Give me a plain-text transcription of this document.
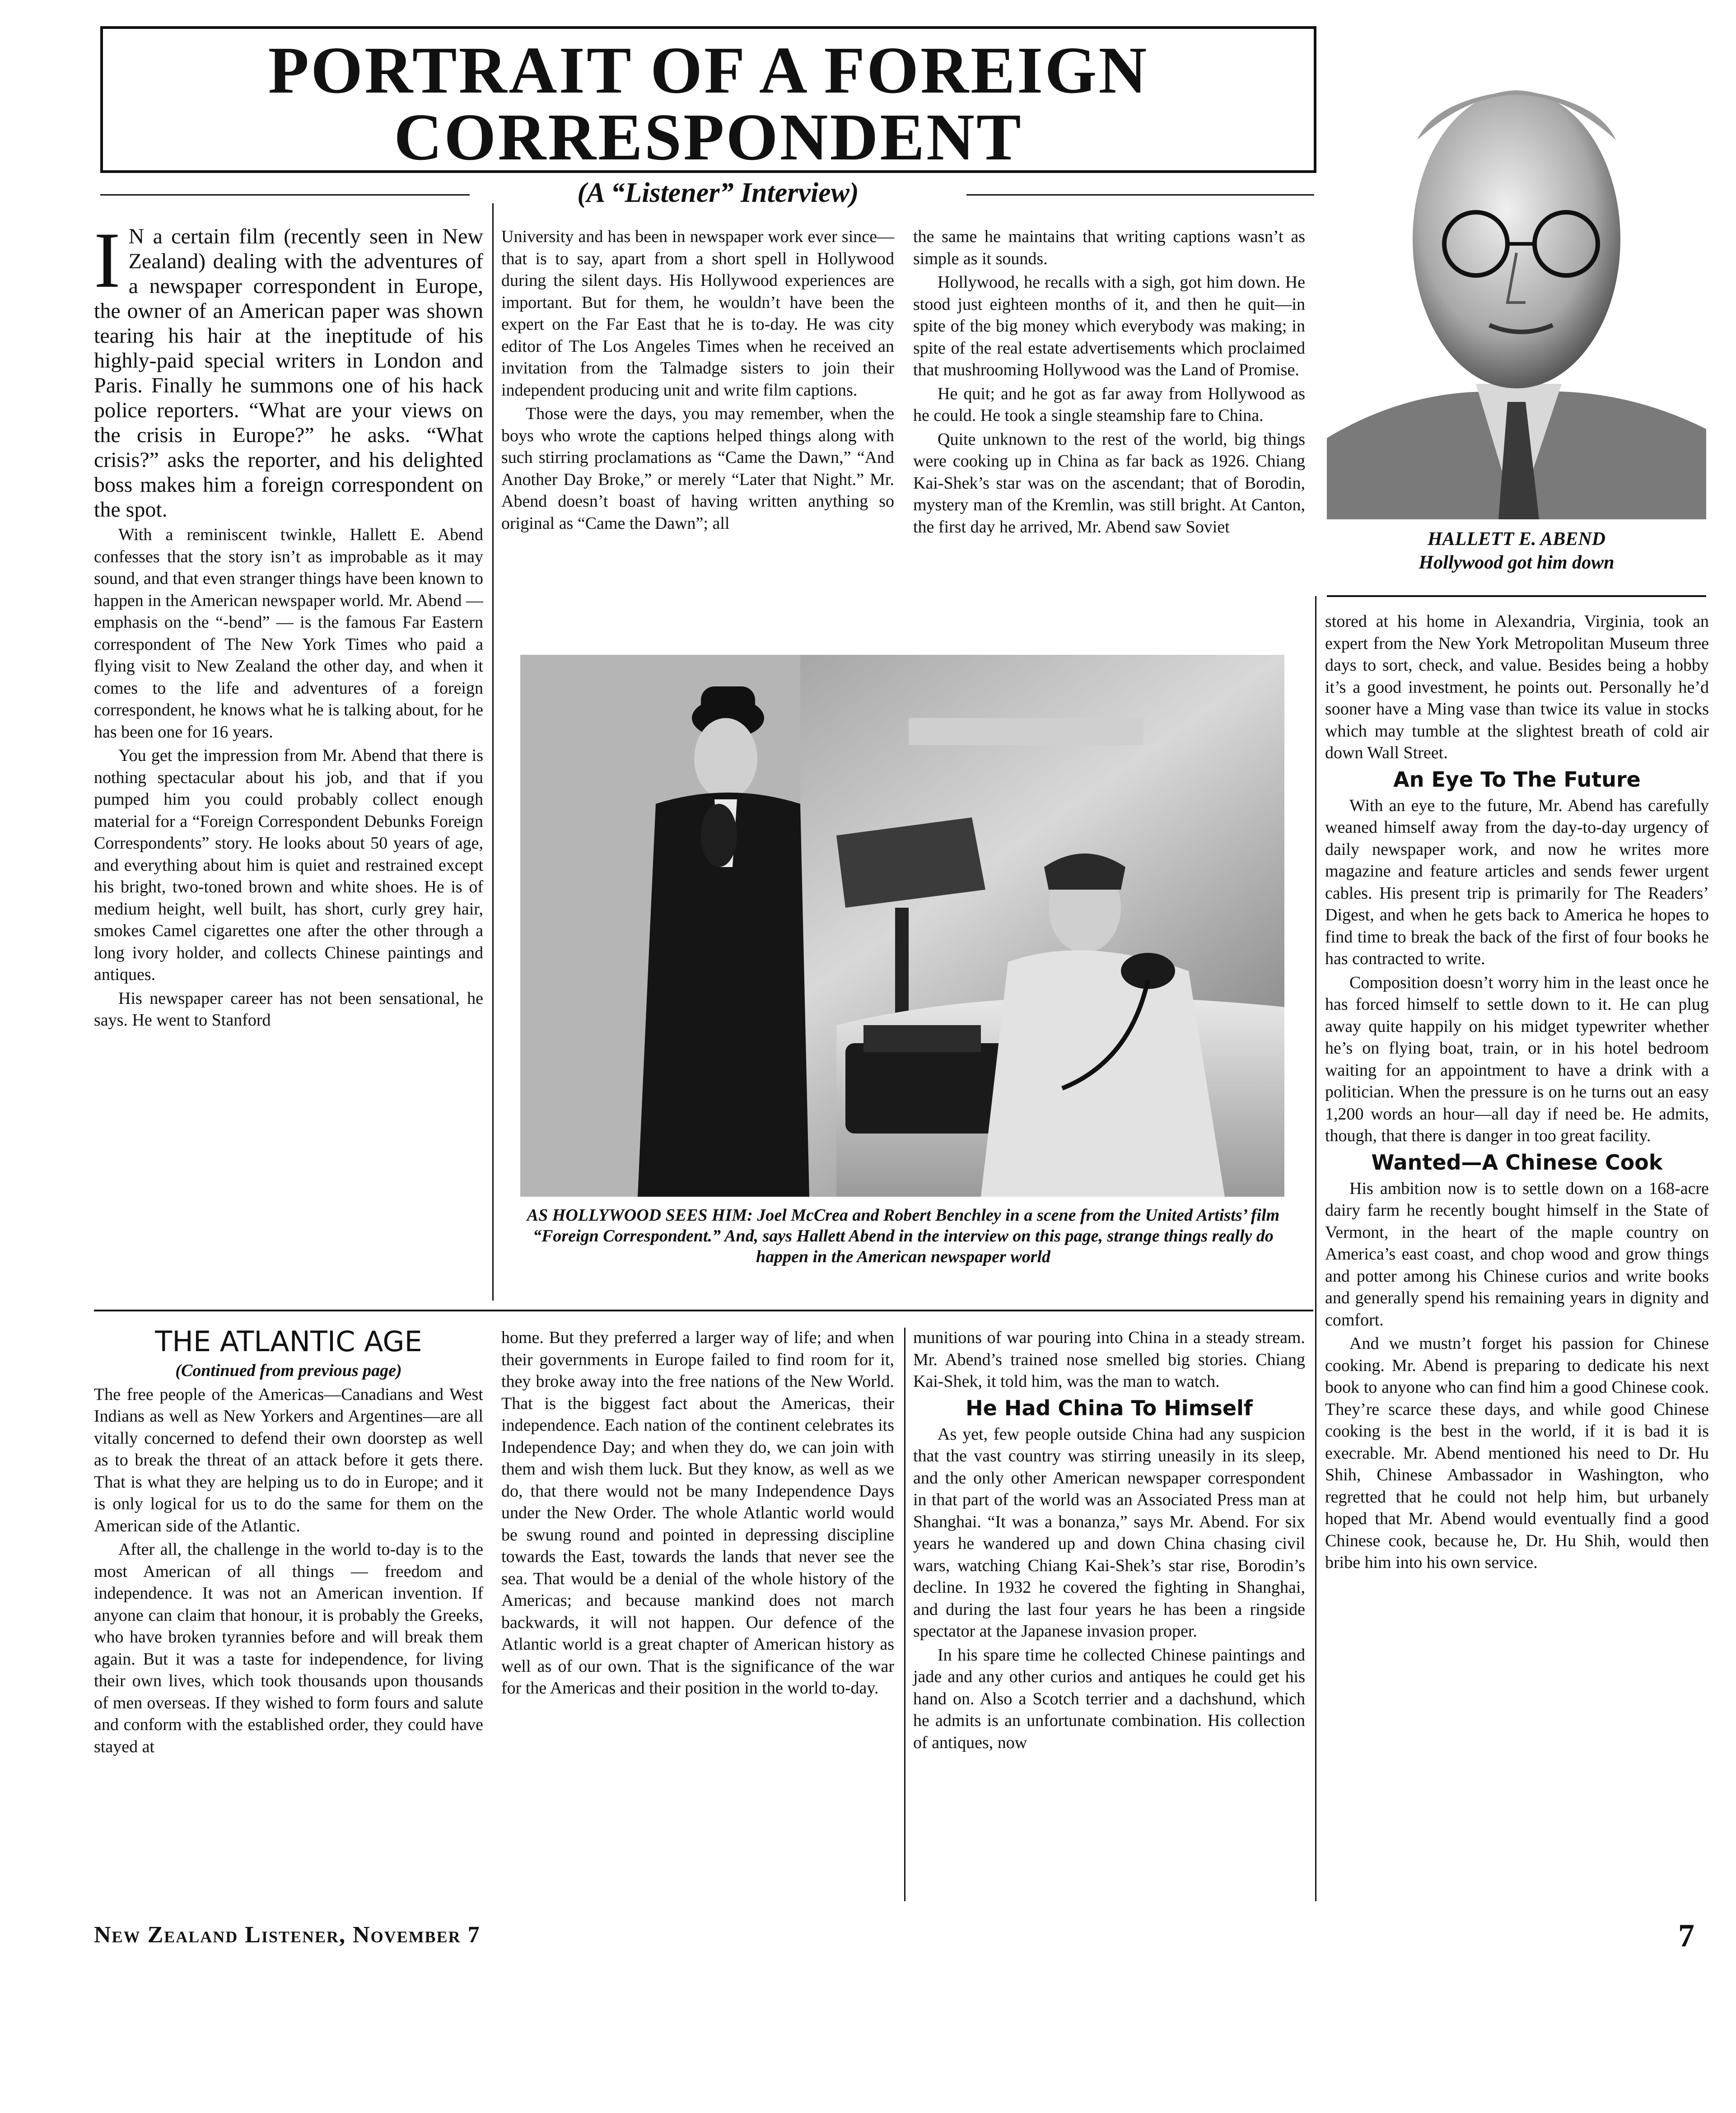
PORTRAIT OF A FOREIGN CORRESPONDENT
(A “Listener” Interview)

I N a certain film (recently seen in New Zealand) dealing with the adventures of a newspaper correspondent in Europe, the owner of an American paper was shown tearing his hair at the ineptitude of his highly-paid special writers in London and Paris. Finally he summons one of his hack police reporters. “What are your views on the crisis in Europe?” he asks. “What crisis?” asks the reporter, and his delighted boss makes him a foreign correspondent on the spot.

With a reminiscent twinkle, Hallett E. Abend confesses that the story isn’t as improbable as it may sound, and that even stranger things have been known to happen in the American newspaper world. Mr. Abend — emphasis on the “-bend” — is the famous Far Eastern correspondent of The New York Times who paid a flying visit to New Zealand the other day, and when it comes to the life and adventures of a foreign correspondent, he knows what he is talking about, for he has been one for 16 years.

You get the impression from Mr. Abend that there is nothing spectacular about his job, and that if you pumped him you could probably collect enough material for a “Foreign Correspondent Debunks Foreign Correspondents” story. He looks about 50 years of age, and everything about him is quiet and restrained except his bright, two-toned brown and white shoes. He is of medium height, well built, has short, curly grey hair, smokes Camel cigarettes one after the other through a long ivory holder, and collects Chinese paintings and antiques.

His newspaper career has not been sensational, he says. He went to Stanford

University and has been in newspaper work ever since—that is to say, apart from a short spell in Hollywood during the silent days. His Hollywood experiences are important. But for them, he wouldn’t have been the expert on the Far East that he is to-day. He was city editor of The Los Angeles Times when he received an invitation from the Talmadge sisters to join their independent producing unit and write film captions.

Those were the days, you may remember, when the boys who wrote the captions helped things along with such stirring proclamations as “Came the Dawn,” “And Another Day Broke,” or merely “Later that Night.” Mr. Abend doesn’t boast of having written anything so original as “Came the Dawn”; all

the same he maintains that writing captions wasn’t as simple as it sounds.

Hollywood, he recalls with a sigh, got him down. He stood just eighteen months of it, and then he quit—in spite of the big money which everybody was making; in spite of the real estate advertisements which proclaimed that mushrooming Hollywood was the Land of Promise.

He quit; and he got as far away from Hollywood as he could. He took a single steamship fare to China.

Quite unknown to the rest of the world, big things were cooking up in China as far back as 1926. Chiang Kai-Shek’s star was on the ascendant; that of Borodin, mystery man of the Kremlin, was still bright. At Canton, the first day he arrived, Mr. Abend saw Soviet

AS HOLLYWOOD SEES HIM: Joel McCrea and Robert Benchley in a scene from the United Artists’ film “Foreign Correspondent.” And, says Hallett Abend in the interview on this page, strange things really do happen in the American newspaper world
HALLETT E. ABEND
Hollywood got him down

stored at his home in Alexandria, Virginia, took an expert from the New York Metropolitan Museum three days to sort, check, and value. Besides being a hobby it’s a good investment, he points out. Personally he’d sooner have a Ming vase than twice its value in stocks which may tumble at the slightest breath of cold air down Wall Street.

An Eye To The Future

With an eye to the future, Mr. Abend has carefully weaned himself away from the day-to-day urgency of daily newspaper work, and now he writes more magazine and feature articles and sends fewer urgent cables. His present trip is primarily for The Readers’ Digest, and when he gets back to America he hopes to find time to break the back of the first of four books he has contracted to write.

Composition doesn’t worry him in the least once he has forced himself to settle down to it. He can plug away quite happily on his midget typewriter whether he’s on flying boat, train, or in his hotel bedroom waiting for an appointment to have a drink with a politician. When the pressure is on he turns out an easy 1,200 words an hour—all day if need be. He admits, though, that there is danger in too great facility.

Wanted—A Chinese Cook

His ambition now is to settle down on a 168-acre dairy farm he recently bought himself in the State of Vermont, in the heart of the maple country on America’s east coast, and chop wood and grow things and potter among his Chinese curios and write books and generally spend his remaining years in dignity and comfort.

And we mustn’t forget his passion for Chinese cooking. Mr. Abend is preparing to dedicate his next book to anyone who can find him a good Chinese cook. They’re scarce these days, and while good Chinese cooking is the best in the world, if it is bad it is execrable. Mr. Abend mentioned his need to Dr. Hu Shih, Chinese Ambassador in Washington, who regretted that he could not help him, but urbanely hoped that Mr. Abend would eventually find a good Chinese cook, because he, Dr. Hu Shih, would then bribe him into his own service.

THE ATLANTIC AGE

(Continued from previous page)

The free people of the Americas—Canadians and West Indians as well as New Yorkers and Argentines—are all vitally concerned to defend their own doorstep as well as to break the threat of an attack before it gets there. That is what they are helping us to do in Europe; and it is only logical for us to do the same for them on the American side of the Atlantic.

After all, the challenge in the world to-day is to the most American of all things — freedom and independence. It was not an American invention. If anyone can claim that honour, it is probably the Greeks, who have broken tyrannies before and will break them again. But it was a taste for independence, for living their own lives, which took thousands upon thousands of men overseas. If they wished to form fours and salute and conform with the established order, they could have stayed at

home. But they preferred a larger way of life; and when their governments in Europe failed to find room for it, they broke away into the free nations of the New World. That is the biggest fact about the Americas, their independence. Each nation of the continent celebrates its Independence Day; and when they do, we can join with them and wish them luck. But they know, as well as we do, that there would not be many Independence Days under the New Order. The whole Atlantic world would be swung round and pointed in depressing discipline towards the East, towards the lands that never see the sea. That would be a denial of the whole history of the Americas; and because mankind does not march backwards, it will not happen. Our defence of the Atlantic world is a great chapter of American history as well as of our own. That is the significance of the war for the Americas and their position in the world to-day.

munitions of war pouring into China in a steady stream. Mr. Abend’s trained nose smelled big stories. Chiang Kai-Shek, it told him, was the man to watch.

He Had China To Himself

As yet, few people outside China had any suspicion that the vast country was stirring uneasily in its sleep, and the only other American newspaper correspondent in that part of the world was an Associated Press man at Shanghai. “It was a bonanza,” says Mr. Abend. For six years he wandered up and down China chasing civil wars, watching Chiang Kai-Shek’s star rise, Borodin’s decline. In 1932 he covered the fighting in Shanghai, and during the last four years he has been a ringside spectator at the Japanese invasion proper.

In his spare time he collected Chinese paintings and jade and any other curios and antiques he could get his hand on. Also a Scotch terrier and a dachshund, which he admits is an unfortunate combination. His collection of antiques, now

New Zealand Listener, November 7	7
